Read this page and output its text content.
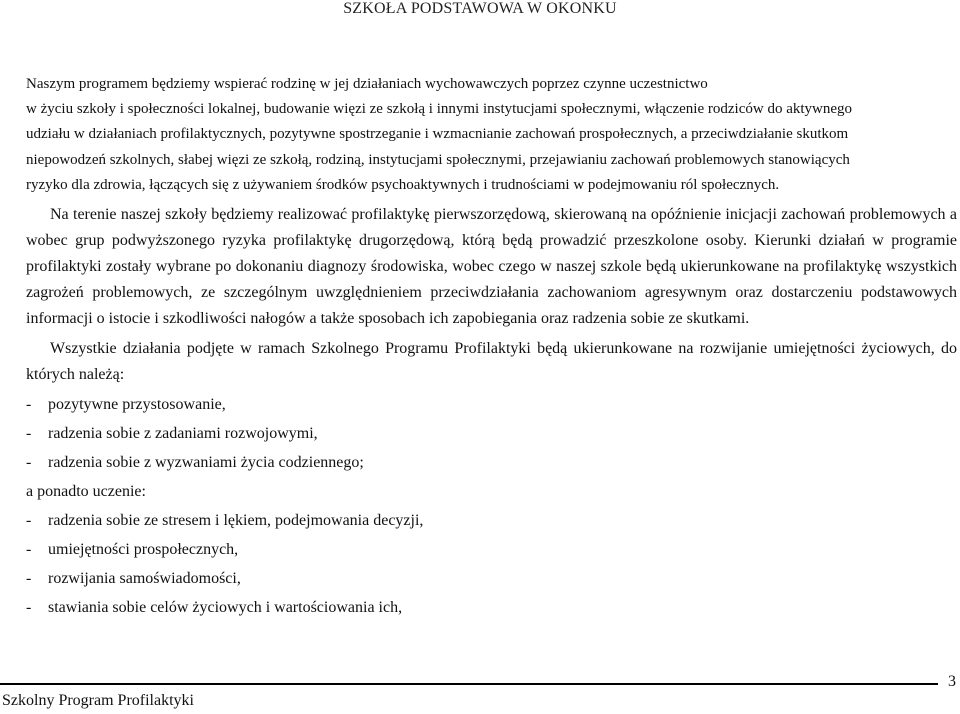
SZKOŁA PODSTAWOWA W OKONKU
Naszym programem będziemy wspierać rodzinę w jej działaniach wychowawczych poprzez czynne uczestnictwo
w życiu szkoły i społeczności lokalnej, budowanie więzi ze szkołą i innymi instytucjami społecznymi, włączenie rodziców do aktywnego
udziału w działaniach profilaktycznych, pozytywne spostrzeganie i wzmacnianie zachowań prospołecznych, a przeciwdziałanie skutkom
niepowodzeń szkolnych, słabej więzi ze szkołą, rodziną, instytucjami społecznymi, przejawianiu zachowań problemowych stanowiących
ryzyko dla zdrowia, łączących się z używaniem środków psychoaktywnych i trudnościami w podejmowaniu ról społecznych.

Na terenie naszej szkoły będziemy realizować profilaktykę pierwszorzędową, skierowaną na opóźnienie inicjacji zachowań problemowych a wobec grup podwyższonego ryzyka profilaktykę drugorzędową, którą będą prowadzić przeszkolone osoby. Kierunki działań w programie profilaktyki zostały wybrane po dokonaniu diagnozy środowiska, wobec czego w naszej szkole będą ukierunkowane na profilaktykę wszystkich zagrożeń problemowych, ze szczególnym uwzględnieniem przeciwdziałania zachowaniom agresywnym oraz dostarczeniu podstawowych informacji o istocie i szkodliwości nałogów a także sposobach ich zapobiegania oraz radzenia sobie ze skutkami.

Wszystkie działania podjęte w ramach Szkolnego Programu Profilaktyki będą ukierunkowane na rozwijanie umiejętności życiowych, do których należą:

- pozytywne przystosowanie,
- radzenia sobie z zadaniami rozwojowymi,
- radzenia sobie z wyzwaniami życia codziennego;

a ponadto uczenie:

- radzenia sobie ze stresem i lękiem, podejmowania decyzji,
- umiejętności prospołecznych,
- rozwijania samoświadomości,
- stawiania sobie celów życiowych i wartościowania ich,
3
Szkolny Program Profilaktyki
